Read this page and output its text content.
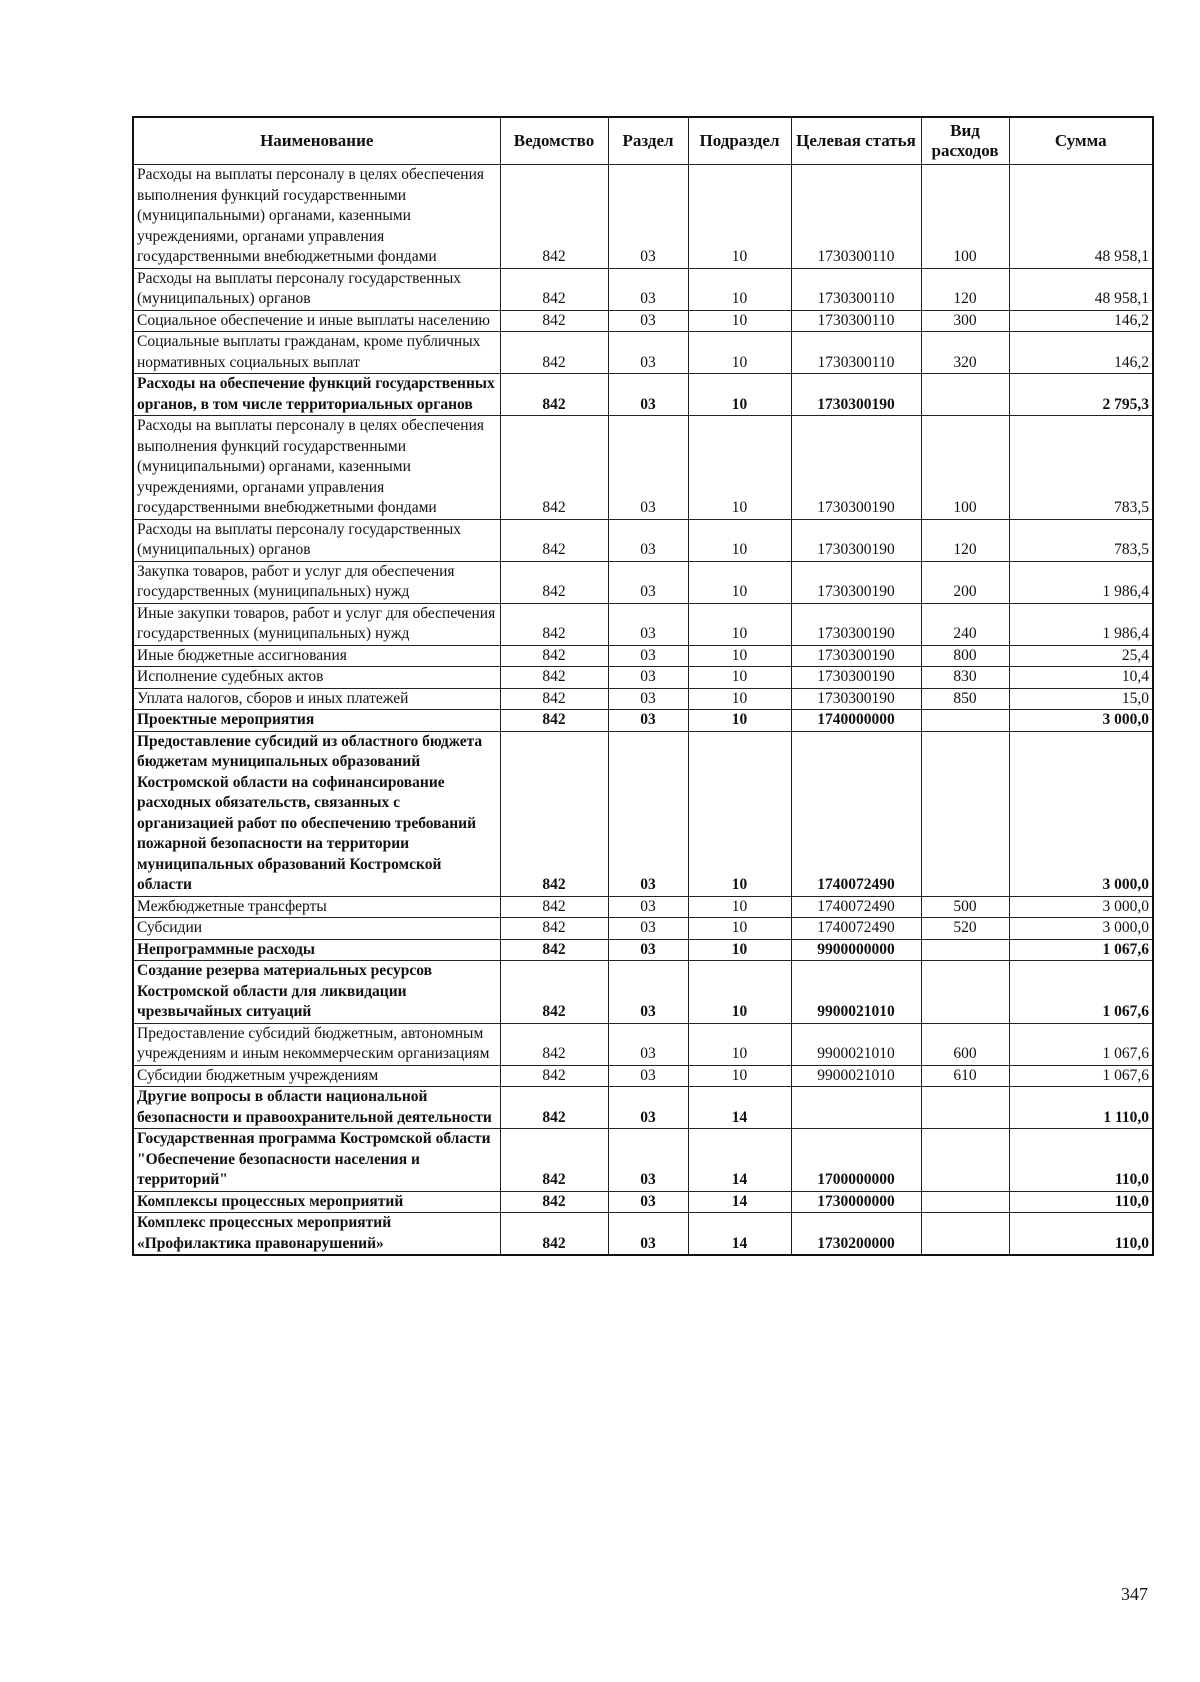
Наименование	Ведомство	Раздел	Подраздел	Целевая статья	Вид расходов	Сумма
Расходы на выплаты персоналу в целях обеспечения выполнения функций государственными (муниципальными) органами, казенными учреждениями, органами управления государственными внебюджетными фондами	842	03	10	1730300110	100	48 958,1
Расходы на выплаты персоналу государственных (муниципальных) органов	842	03	10	1730300110	120	48 958,1
Социальное обеспечение и иные выплаты населению	842	03	10	1730300110	300	146,2
Социальные выплаты гражданам, кроме публичных нормативных социальных выплат	842	03	10	1730300110	320	146,2
Расходы на обеспечение функций государственных органов, в том числе территориальных органов	842	03	10	1730300190		2 795,3
Расходы на выплаты персоналу в целях обеспечения выполнения функций государственными (муниципальными) органами, казенными учреждениями, органами управления государственными внебюджетными фондами	842	03	10	1730300190	100	783,5
Расходы на выплаты персоналу государственных (муниципальных) органов	842	03	10	1730300190	120	783,5
Закупка товаров, работ и услуг для обеспечения государственных (муниципальных) нужд	842	03	10	1730300190	200	1 986,4
Иные закупки товаров, работ и услуг для обеспечения государственных (муниципальных) нужд	842	03	10	1730300190	240	1 986,4
Иные бюджетные ассигнования	842	03	10	1730300190	800	25,4
Исполнение судебных актов	842	03	10	1730300190	830	10,4
Уплата налогов, сборов и иных платежей	842	03	10	1730300190	850	15,0
Проектные мероприятия	842	03	10	1740000000		3 000,0
Предоставление субсидий из областного бюджета бюджетам муниципальных образований Костромской области на софинансирование расходных обязательств, связанных с организацией работ по обеспечению требований пожарной безопасности на территории муниципальных образований Костромской области	842	03	10	1740072490		3 000,0
Межбюджетные трансферты	842	03	10	1740072490	500	3 000,0
Субсидии	842	03	10	1740072490	520	3 000,0
Непрограммные расходы	842	03	10	9900000000		1 067,6
Создание резерва материальных ресурсов Костромской области для ликвидации чрезвычайных ситуаций	842	03	10	9900021010		1 067,6
Предоставление субсидий бюджетным, автономным учреждениям и иным некоммерческим организациям	842	03	10	9900021010	600	1 067,6
Субсидии бюджетным учреждениям	842	03	10	9900021010	610	1 067,6
Другие вопросы в области национальной безопасности и правоохранительной деятельности	842	03	14			1 110,0
Государственная программа Костромской области "Обеспечение безопасности населения и территорий"	842	03	14	1700000000		110,0
Комплексы процессных мероприятий	842	03	14	1730000000		110,0
Комплекс процессных мероприятий «Профилактика правонарушений»	842	03	14	1730200000		110,0
347
